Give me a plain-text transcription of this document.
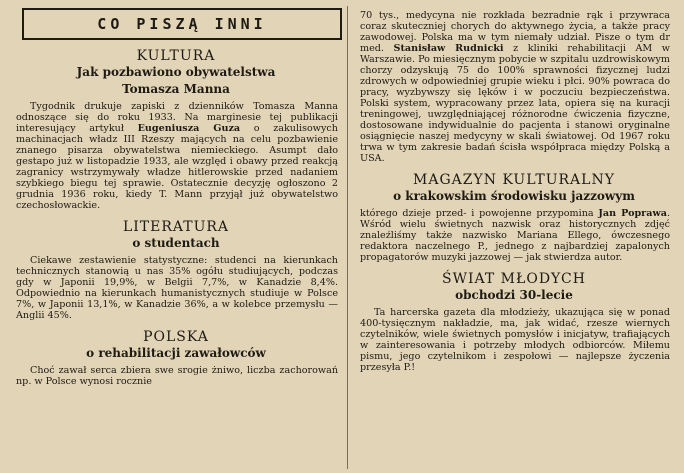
CO PISZĄ INNI
KULTURA
Jak pozbawiono obywatelstwa
Tomasza Manna

Tygodnik drukuje zapiski z dzienników Tomasza Manna odnoszące się do roku 1933. Na marginesie tej publikacji interesujący artykuł Eugeniusza Guza o zakulisowych machinacjach władz III Rzeszy mających na celu pozbawienie znanego pisarza obywatelstwa niemieckiego. Asumpt dało gestapo już w listopadzie 1933, ale względ i obawy przed reakcją zagranicy wstrzymywały władze hitlerowskie przed nadaniem szybkiego biegu tej sprawie. Ostatecznie decyzję ogłoszono 2 grudnia 1936 roku, kiedy T. Mann przyjął już obywatelstwo czechosłowackie.

LITERATURA
o studentach

Ciekawe zestawienie statystyczne: studenci na kierunkach technicznych stanowią u nas 35% ogółu studiujących, podczas gdy w Japonii 19,9%, w Belgii 7,7%, w Kanadzie 8,4%. Odpowiednio na kierunkach humanistycznych studiuje w Polsce 7%, w Japonii 13,1%, w Kanadzie 36%, a w kolebce przemysłu — Anglii 45%.

POLSKA
o rehabilitacji zawałowców

Choć zawał serca zbiera swe srogie żniwo, liczba zachorowań np. w Polsce wynosi rocznie

70 tys., medycyna nie rozkłada bezradnie rąk i przywraca coraz skuteczniej chorych do aktywnego życia, a także pracy zawodowej. Polska ma w tym niemały udział. Pisze o tym dr med. Stanisław Rudnicki z kliniki rehabilitacji AM w Warszawie. Po miesięcznym pobycie w szpitalu uzdrowiskowym chorzy odzyskują 75 do 100% sprawności fizycznej ludzi zdrowych w odpowiedniej grupie wieku i płci. 90% powraca do pracy, wyzbywszy się lęków i w poczuciu bezpieczeństwa. Polski system, wypracowany przez lata, opiera się na kuracji treningowej, uwzględniającej różnorodne ćwiczenia fizyczne, dostosowane indywidualnie do pacjenta i stanowi oryginalne osiągnięcie naszej medycyny w skali światowej. Od 1967 roku trwa w tym zakresie badań ścisła współpraca między Polską a USA.

MAGAZYN KULTURALNY
o krakowskim środowisku jazzowym

którego dzieje przed- i powojenne przypomina Jan Poprawa. Wśród wielu świetnych nazwisk oraz historycznych zdjęć znaleźliśmy także nazwisko Mariana Ellego, ówczesnego redaktora naczelnego P., jednego z najbardziej zapalonych propagatorów muzyki jazzowej — jak stwierdza autor.

ŚWIAT MŁODYCH
obchodzi 30-lecie

Ta harcerska gazeta dla młodzieży, ukazująca się w ponad 400-tysięcznym nakładzie, ma, jak widać, rzesze wiernych czytelników, wiele świetnych pomysłów i inicjatyw, trafiających w zainteresowania i potrzeby młodych odbiorców. Miłemu pismu, jego czytelnikom i zespołowi — najlepsze życzenia przesyła P.!
